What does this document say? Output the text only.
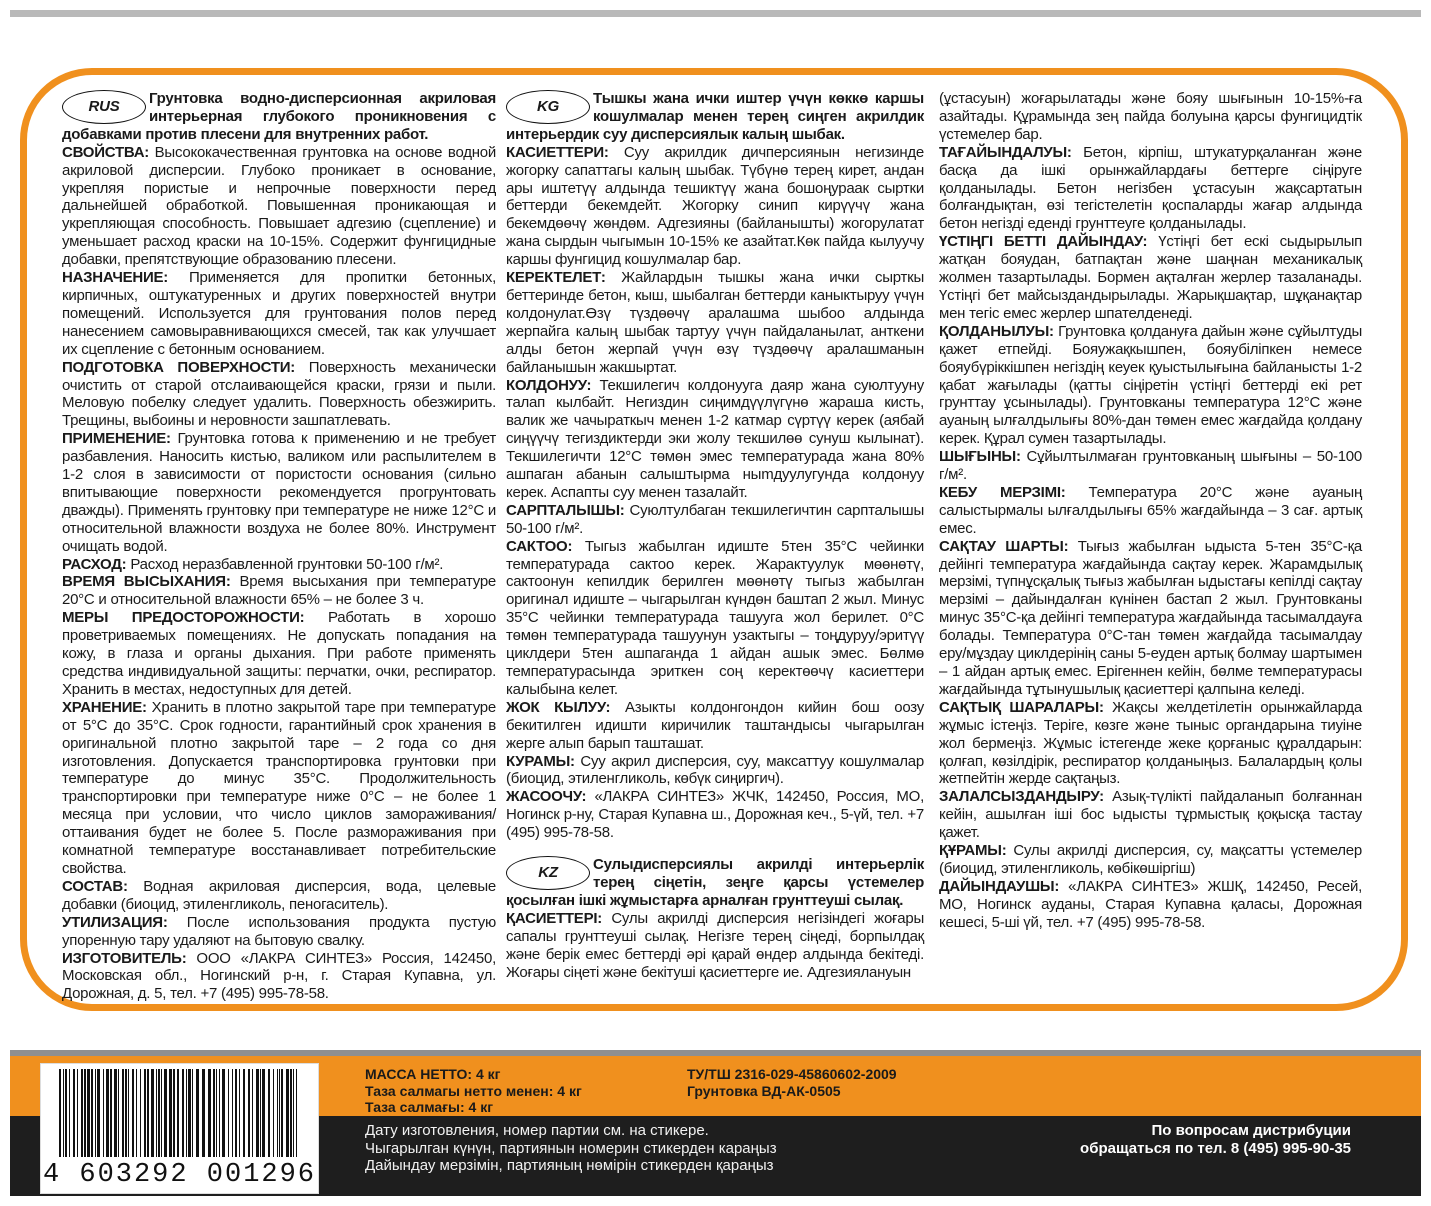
RUS	Грунтовка водно-дисперсионная акриловая интерьерная глубокого проникновения с добавками против плесени для внутренних работ.

СВОЙСТВА: Высококачественная грунтовка на основе водной акриловой дисперсии. Глубоко проникает в основание, укрепляя пористые и непрочные поверхности перед дальнейшей обработкой. Повышенная проникающая и укрепляющая способность. Повышает адгезию (сцепление) и уменьшает расход краски на 10-15%. Содержит фунгицидные добавки, препятствующие образованию плесени.

НАЗНАЧЕНИЕ: Применяется для пропитки бетонных, кирпичных, оштукатуренных и других поверхностей внутри помещений. Используется для грунтования полов перед нанесением самовыравнивающихся смесей, так как улучшает их сцепление с бетонным основанием.

ПОДГОТОВКА ПОВЕРХНОСТИ: Поверхность механически очистить от старой отслаивающейся краски, грязи и пыли. Меловую побелку следует удалить. Поверхность обезжирить. Трещины, выбоины и неровности зашпатлевать.

ПРИМЕНЕНИЕ: Грунтовка готова к применению и не требует разбавления. Наносить кистью, валиком или распылителем в 1-2 слоя в зависимости от пористости основания (сильно впитывающие поверхности рекомендуется прогрунтовать дважды). Применять грунтовку при температуре не ниже 12°С и относительной влажности воздуха не более 80%. Инструмент очищать водой.

РАСХОД: Расход неразбавленной грунтовки 50-100 г/м².

ВРЕМЯ ВЫСЫХАНИЯ: Время высыхания при температуре 20°С и относительной влажности 65% – не более 3 ч.

МЕРЫ ПРЕДОСТОРОЖНОСТИ: Работать в хорошо проветриваемых помещениях. Не допускать попадания на кожу, в глаза и органы дыхания. При работе применять средства индивидуальной защиты: перчатки, очки, респиратор. Хранить в местах, недоступных для детей.

ХРАНЕНИЕ: Хранить в плотно закрытой таре при температуре от 5°С до 35°С. Срок годности, гарантийный срок хранения в оригинальной плотно закрытой таре – 2 года со дня изготовления. Допускается транспортировка грунтовки при температуре до минус 35°С. Продолжительность транспортировки при температуре ниже 0°С – не более 1 месяца при условии, что число циклов замораживания/оттаивания будет не более 5. После размораживания при комнатной температуре восстанавливает потребительские свойства.

СОСТАВ: Водная акриловая дисперсия, вода, целевые добавки (биоцид, этиленгликоль, пеногаситель).

УТИЛИЗАЦИЯ: После использования продукта пустую упоренную тару удаляют на бытовую свалку.

ИЗГОТОВИТЕЛЬ: ООО «ЛАКРА СИНТЕЗ» Россия, 142450, Московская обл., Ногинский р-н, г. Старая Купавна, ул. Дорожная, д. 5, тел. +7 (495) 995-78-58.

KG	Тышкы жана ички иштер үчүн көккө каршы кошулмалар менен терең сиңген акрилдик интерьердик суу дисперсиялык калың шыбак.

КАСИЕТТЕРИ: Суу акрилдик дичперсиянын негизинде жогорку сапаттагы калың шыбак. Түбүнө терең кирет, андан ары иштетүү алдында тешиктүү жана бошоңураак сыртки беттерди бекемдейт. Жогорку синип кирүүчү жана бекемдөөчү жөндөм. Адгезияны (байланышты) жогорулатат жана сырдын чыгымын 10-15% ке азайтат.Көк пайда кылуучу каршы фунгицид кошулмалар бар.

КЕРЕКТЕЛЕТ: Жайлардын тышкы жана ички сырткы беттеринде бетон, кыш, шыбалган беттерди каныктыруу үчүн колдонулат.Өзү түздөөчү аралашма шыбоо алдында жерпайга калың шыбак тартуу үчүн пайдаланылат, анткени алды бетон жерпай үчүн өзү түздөөчү аралашманын байланышын жакшыртат.

КОЛДОНУУ: Текшилегич колдонууга даяр жана суюлтууну талап кылбайт. Негиздин сиңимдүүлүгүнө жараша кисть, валик же чачыраткыч менен 1-2 катмар сүртүү керек (аябай сиңүүчү тегиздиктерди эки жолу текшилөө сунуш кылынат). Текшилегичти 12°С төмөн эмес температурада жана 80% ашпаган абанын салыштырма ныmдуулугунда колдонуу керек. Аспапты суу менен тазалайт.

САРПТАЛЫШЫ: Суюлтулбаган текшилегичтин сарпталышы 50-100 г/м².

САКТОО: Тыгыз жабылган идиште 5тен 35°С чейинки температурада сактоо керек. Жарактуулук мөөнөтү, сактоонун кепилдик берилген мөөнөтү тыгыз жабылган оригинал идиште – чыгарылган күндөн баштап 2 жыл. Минус 35°С чейинки температурада ташууга жол берилет. 0°С төмөн температурада ташуунун узактыгы – тоңдуруу/эритүү циклдери 5тен ашпаганда 1 айдан ашык эмес. Бөлмө температурасында эриткен соң керектөөчү касиеттери калыбына келет.

ЖОК КЫЛУУ: Азыкты колдонгондон кийин бош оозу бекитилген идишти киричилик таштандысы чыгарылган жерге алып барып таштaшат.

КУРАМЫ: Суу акрил дисперсия, суу, максаттуу кошулмалар (биоцид, этиленгликоль, көбүк сиңиргич).

ЖАСООЧУ: «ЛАКРА СИНТЕЗ» ЖЧК, 142450, Россия, МО, Ногинск р-ну, Старая Купавна ш., Дорожная кеч., 5-үй, тел. +7 (495) 995-78-58.

KZ	Сулыдисперсиялы акрилді интерьерлік терең сіңетін, зеңге қарсы үстемелер қосылған ішкі жұмыстарға арналған грунттеуші сылақ.

ҚАСИЕТТЕРІ: Сулы акрилді дисперсия негізіндегі жоғары сапалы грунттеуші сылақ. Негізге терең сіңеді, борпылдақ және берік емес беттерді әрі қарай өндер алдында бекітеді. Жоғары сіңеті және бекітуші қасиеттерге ие. Адгезиялануын

(ұстасуын) жоғарылатады және бояу шығынын 10-15%-ға азайтады. Құрамында зең пайда болуына қарсы фунгицидтік үстемелер бар.

ТАҒАЙЫНДАЛУЫ: Бетон, кірпіш, штукатурқаланған және басқа да ішкі орынжайлардағы беттерге сіңіруге қолданылады. Бетон негізбен ұстасуын жақсартатын болғандықтан, өзі тегістелетін қоспаларды жағар алдында бетон негізді едендi грунттеуге қолданылады.

ҮСТІҢГІ БЕТТІ ДАЙЫНДАУ: Үстіңгі бет ескі сыдырылып жатқан бояудан, батпақтан және шаңнан механикалық жолмен тазартылады. Бормен ақталған жерлер тазаланады. Үстіңгі бет майсыздандырылады. Жарықшақтар, шұқанақтар мен тегіс емес жерлер шпателденеді.

ҚОЛДАНЫЛУЫ: Грунтовка қолдануға дайын және сұйылтуды қажет етпейді. Бояужақкышпен, бояубіліпкен немесе бояубүріккішпен негіздің кеуек қуыстылығына байланысты 1-2 қабат жағылады (қатты сіңіретін үстіңгі беттерді екі рет грунттау ұсынылады). Грунтовканы температура 12°С және ауаның ылғалдылығы 80%-дан төмен емес жағдайда қолдану керек. Құрал сумен тазартылады.

ШЫҒЫНЫ: Сұйылтылмаған грунтовканың шығыны – 50-100 г/м².

КЕБУ МЕРЗІМІ: Температура 20°С және ауаның салыстырмалы ылғалдылығы 65% жағдайында – 3 сағ. артық емес.

САҚТАУ ШАРТЫ: Тығыз жабылған ыдыста 5-тен 35°С-қа дейінгі температура жағдайында сақтау керек. Жарамдылық мерзімі, түпнұсқалық тығыз жабылған ыдыстағы кепілді сақтау мерзімі – дайындалған күнінен бастап 2 жыл. Грунтовканы минус 35°С-қа дейінгі температура жағдайында тасымалдауға болады. Температура 0°С-тан төмен жағдайда тасымалдау еру/мұздау циклдерінің саны 5-еуден артық болмау шартымен – 1 айдан артық емес. Ерігеннен кейін, бөлме температурасы жағдайында тұтынушылық қасиеттері қалпына келеді.

САҚТЫҚ ШАРАЛАРЫ: Жақсы желдетілетін орынжайларда жұмыс істеңіз. Теріге, көзге және тыныс органдарына тиуіне жол бермеңіз. Жұмыс істегенде жеке қорғаныс құралдарын: қолғап, көзілдірік, респиратор қолданыңыз. Балалардың қолы жетпейтін жерде сақтаңыз.

ЗАЛАЛСЫЗДАНДЫРУ: Азық-түлікті пайдаланып болғаннан кейін, ашылған іші бос ыдысты тұрмыстық қоқысқа тастау қажет.

ҚҰРАМЫ: Сулы акрилді дисперсия, су, мақсатты үстемелер (биоцид, этиленгликоль, көбікөшіргіш)

ДАЙЫНДАУШЫ: «ЛАКРА СИНТЕЗ» ЖШҚ, 142450, Ресей, МО, Ногинск ауданы, Старая Купавна қаласы, Дорожная кешесі, 5-ші үй, тел. +7 (495) 995-78-58.

МАССА НЕТТО: 4 кг
Таза салмагы нетто менен: 4 кг
Таза салмағы: 4 кг
ТУ/ТШ 2316-029-45860602-2009
Грунтовка ВД-АК-0505
Дату изготовления, номер партии см. на стикере.
Чыгарылган күнүн, партиянын номерин стикерден караңыз
Дайындау мерзімін, партияның нөмірін стикерден қараңыз
По вопросам дистрибуции
обращаться по тел. 8 (495) 995-90-35
4 603292 001296
